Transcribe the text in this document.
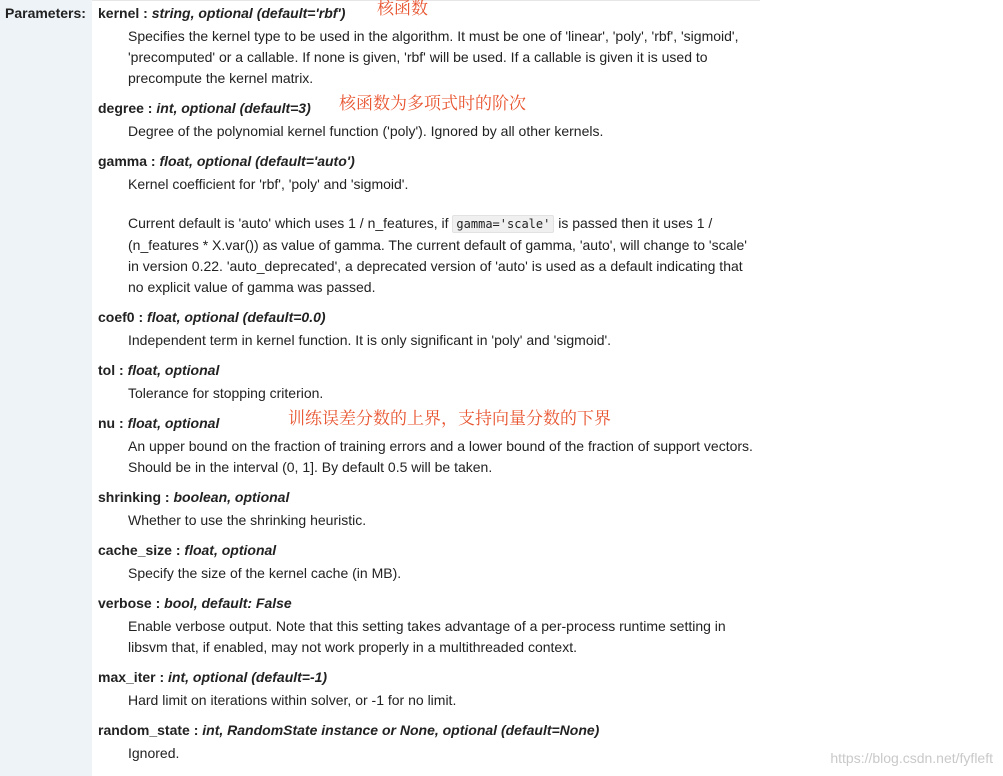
Parameters: kernel : string, optional (default='rbf') 核函数

Specifies the kernel type to be used in the algorithm. It must be one of 'linear', 'poly', 'rbf', 'sigmoid', 'precomputed' or a callable. If none is given, 'rbf' will be used. If a callable is given it is used to precompute the kernel matrix.

degree : int, optional (default=3) 核函数为多项式时的阶次

Degree of the polynomial kernel function ('poly'). Ignored by all other kernels.

gamma : float, optional (default='auto')

Kernel coefficient for 'rbf', 'poly' and 'sigmoid'.

Current default is 'auto' which uses 1 / n_features, if gamma='scale' is passed then it uses 1 / (n_features * X.var()) as value of gamma. The current default of gamma, 'auto', will change to 'scale' in version 0.22. 'auto_deprecated', a deprecated version of 'auto' is used as a default indicating that no explicit value of gamma was passed.

coef0 : float, optional (default=0.0)

Independent term in kernel function. It is only significant in 'poly' and 'sigmoid'.

tol : float, optional

Tolerance for stopping criterion.

nu : float, optional	训练误差分数的上界，支持向量分数的下界

An upper bound on the fraction of training errors and a lower bound of the fraction of support vectors. Should be in the interval (0, 1]. By default 0.5 will be taken.

shrinking : boolean, optional

Whether to use the shrinking heuristic.

cache_size : float, optional

Specify the size of the kernel cache (in MB).

verbose : bool, default: False

Enable verbose output. Note that this setting takes advantage of a per-process runtime setting in libsvm that, if enabled, may not work properly in a multithreaded context.

max_iter : int, optional (default=-1)

Hard limit on iterations within solver, or -1 for no limit.

random_state : int, RandomState instance or None, optional (default=None)

Ignored.	https://blog.csdn.net/fyfleft
